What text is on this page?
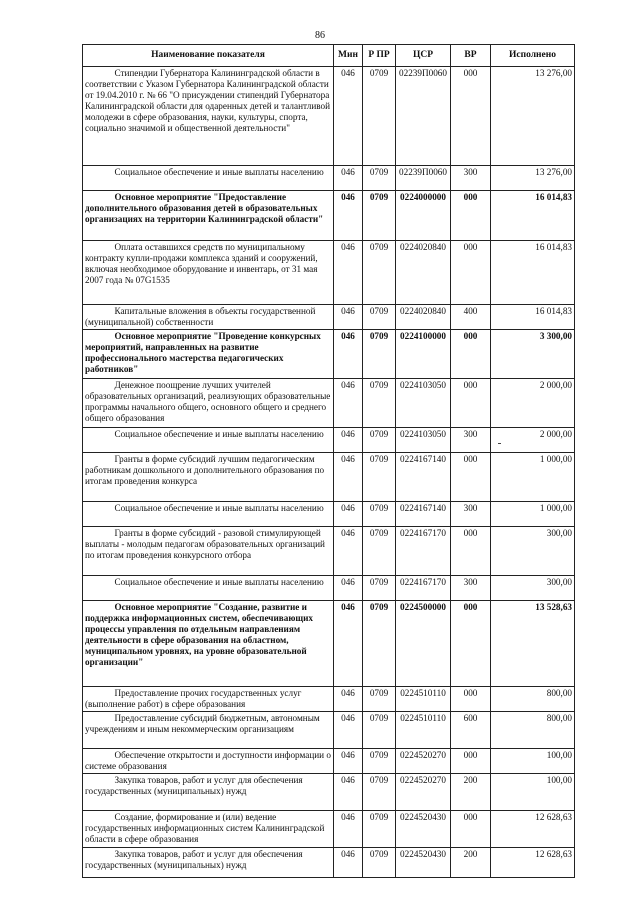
86
Наименование показателя	Мин	Р ПР	ЦСР	ВР	Исполнено

Стипендии Губернатора Калининградской области в соответствии с Указом Губернатора Калининградской области от 19.04.2010 г. № 66 "О присуждении стипендий Губернатора Калининградской области для одаренных детей и талантливой молодежи в сфере образования, науки, культуры, спорта, социально значимой и общественной деятельности"	046	0709	02239П0060	000	13 276,00

Социальное обеспечение и иные выплаты населению	046	0709	02239П0060	300	13 276,00

Основное мероприятие "Предоставление дополнительного образования детей в образовательных организациях на территории Калининградской области"	046	0709	0224000000	000	16 014,83

Оплата оставшихся средств по муниципальному контракту купли-продажи комплекса зданий и сооружений, включая необходимое оборудование и инвентарь, от 31 мая 2007 года № 07G1535	046	0709	0224020840	000	16 014,83

Капитальные вложения в объекты государственной (муниципальной) собственности	046	0709	0224020840	400	16 014,83

Основное мероприятие "Проведение конкурсных мероприятий, направленных на развитие профессионального мастерства педагогических работников"	046	0709	0224100000	000	3 300,00

Денежное поощрение лучших учителей образовательных организаций, реализующих образовательные программы начального общего, основного общего и среднего общего образования	046	0709	0224103050	000	2 000,00

Социальное обеспечение и иные выплаты населению	046	0709	0224103050	300	2 000,00

Гранты в форме субсидий лучшим педагогическим работникам дошкольного и дополнительного образования по итогам проведения конкурса	046	0709	0224167140	000	1 000,00

Социальное обеспечение и иные выплаты населению	046	0709	0224167140	300	1 000,00

Гранты в форме субсидий - разовой стимулирующей выплаты - молодым педагогам образовательных организаций по итогам проведения конкурсного отбора	046	0709	0224167170	000	300,00

Социальное обеспечение и иные выплаты населению	046	0709	0224167170	300	300,00

Основное мероприятие "Создание, развитие и поддержка информационных систем, обеспечивающих процессы управления по отдельным направлениям деятельности в сфере образования на областном, муниципальном уровнях, на уровне образовательной организации"	046	0709	0224500000	000	13 528,63

Предоставление прочих государственных услуг (выполнение работ) в сфере образования	046	0709	0224510110	000	800,00

Предоставление субсидий бюджетным, автономным учреждениям и иным некоммерческим организациям	046	0709	0224510110	600	800,00

Обеспечение открытости и доступности информации о системе образования	046	0709	0224520270	000	100,00

Закупка товаров, работ и услуг для обеспечения государственных (муниципальных) нужд	046	0709	0224520270	200	100,00

Создание, формирование и (или) ведение государственных информационных систем Калининградской области в сфере образования	046	0709	0224520430	000	12 628,63

Закупка товаров, работ и услуг для обеспечения государственных (муниципальных) нужд	046	0709	0224520430	200	12 628,63
